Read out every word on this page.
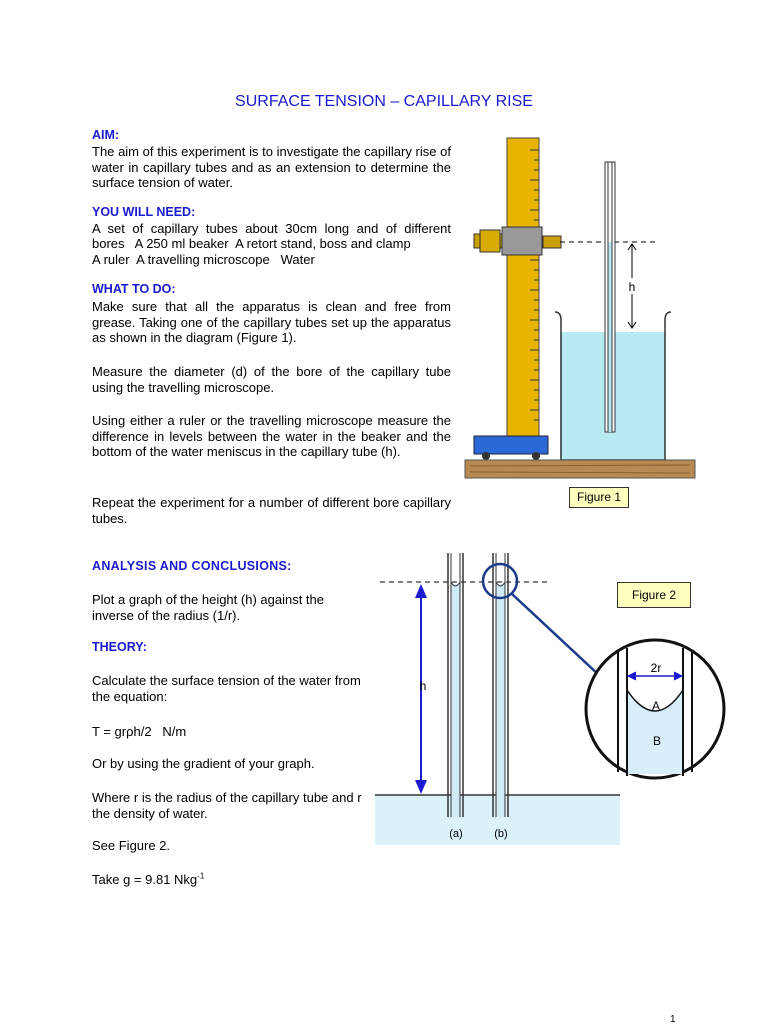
SURFACE TENSION – CAPILLARY RISE
AIM:
The aim of this experiment is to investigate the capillary rise of water in capillary tubes and as an extension to determine the surface tension of water.
YOU WILL NEED:
A set of capillary tubes about 30cm long and of different
bores   A 250 ml beaker  A retort stand, boss and clamp
A ruler  A travelling microscope   Water
WHAT TO DO:
Make sure that all the apparatus is clean and free from grease. Taking one of the capillary tubes set up the apparatus as shown in the diagram (Figure 1).
Measure the diameter (d) of the bore of the capillary tube using the travelling microscope.
Using either a ruler or the travelling microscope measure the difference in levels between the water in the beaker and the bottom of the water meniscus in the capillary tube (h).
Repeat the experiment for a number of different bore capillary tubes.
ANALYSIS AND CONCLUSIONS:
Plot a graph of the height (h) against the inverse of the radius (1/r).
THEORY:
Calculate the surface tension of the water from the equation:
T = grρh/2   N/m
Or by using the gradient of your graph.
Where r is the radius of the capillary tube and r the density of water.
See Figure 2.
Take g = 9.81 Nkg$^{-1}$
h
Figure 1
h
(a)	(b)
2r
A
B
Figure 2
1
